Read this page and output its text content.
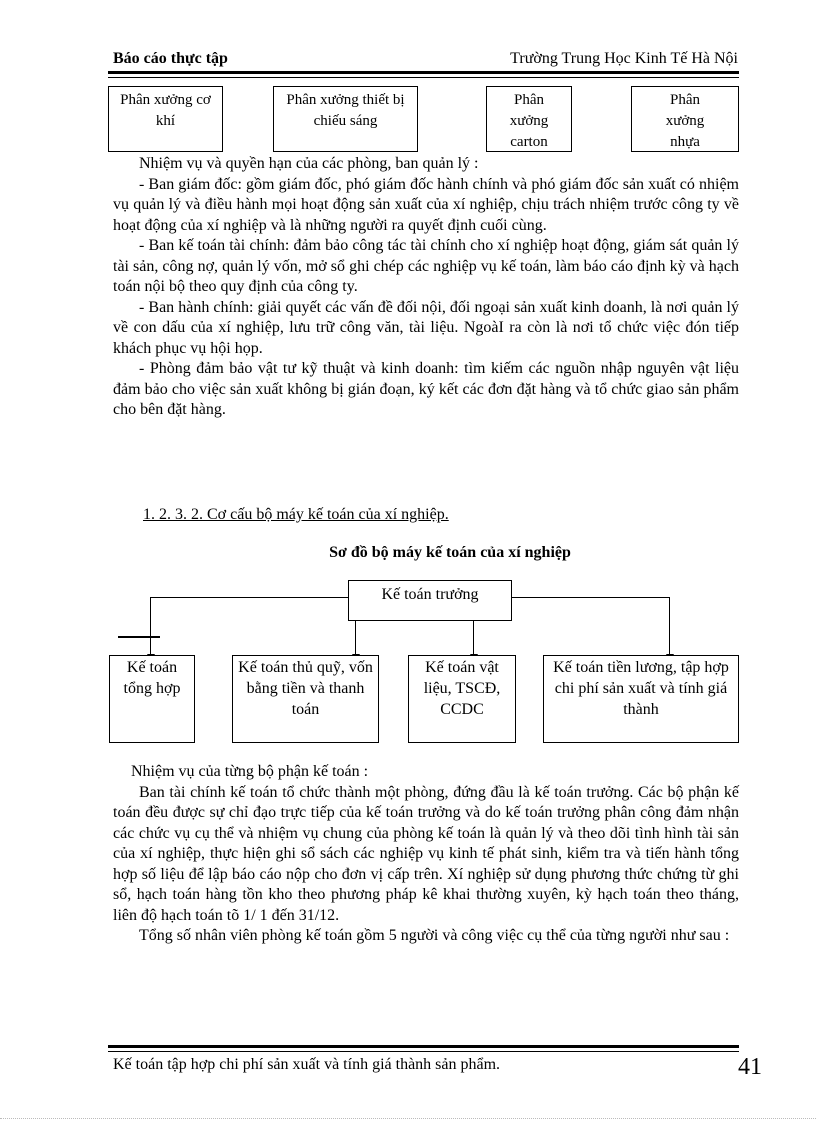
Báo cáo thực tập	Trường Trung Học Kinh Tế Hà Nội
Phân xưởng cơ khí
Phân xưởng thiết bị chiếu sáng
Phân xưởng carton
Phân xưởng nhựa

Nhiệm vụ và quyền hạn của các phòng, ban quản lý :

- Ban giám đốc: gồm giám đốc, phó giám đốc hành chính và phó giám đốc sản xuất có nhiệm vụ quản lý và điều hành mọi hoạt động sản xuất của xí nghiệp, chịu trách nhiệm trước công ty về hoạt động của xí nghiệp và là những người ra quyết định cuối cùng.

- Ban kế toán tài chính: đảm bảo công tác tài chính cho xí nghiệp hoạt động, giám sát quản lý tài sản, công nợ, quản lý vốn, mở sổ ghi chép các nghiệp vụ kế toán, làm báo cáo định kỳ và hạch toán nội bộ theo quy định của công ty.

- Ban hành chính: giải quyết các vấn đề đối nội, đối ngoại sản xuất kinh doanh, là nơi quản lý về con dấu của xí nghiệp, lưu trữ công văn, tài liệu. NgoàI ra còn là nơi tổ chức việc đón tiếp khách phục vụ hội họp.

- Phòng đảm bảo vật tư kỹ thuật và kinh doanh: tìm kiếm các nguồn nhập nguyên vật liệu đảm bảo cho việc sản xuất không bị gián đoạn, ký kết các đơn đặt hàng và tổ chức giao sản phẩm cho bên đặt hàng.

1. 2. 3. 2. Cơ cấu bộ máy kế toán của xí nghiệp.
Sơ đồ bộ máy kế toán của xí nghiệp
Kế toán trưởng
Kế toán tổng hợp
Kế toán thủ quỹ, vốn bằng tiền và thanh toán
Kế toán vật liệu, TSCĐ, CCDC
Kế toán tiền lương, tập hợp chi phí sản xuất và tính giá thành

Nhiệm vụ của từng bộ phận kế toán :

Ban tài chính kế toán tổ chức thành một phòng, đứng đầu là kế toán trưởng. Các bộ phận kế toán đều được sự chỉ đạo trực tiếp của kế toán trưởng và do kế toán trưởng phân công đảm nhận các chức vụ cụ thể và nhiệm vụ chung của phòng kế toán là quản lý và theo dõi tình hình tài sản của xí nghiệp, thực hiện ghi sổ sách các nghiệp vụ kinh tế phát sinh, kiểm tra và tiến hành tổng hợp số liệu để lập báo cáo nộp cho đơn vị cấp trên. Xí nghiệp sử dụng phương thức chứng từ ghi sổ, hạch toán hàng tồn kho theo phương pháp kê khai thường xuyên, kỳ hạch toán theo tháng, liên độ hạch toán tõ 1/ 1 đến 31/12.

Tổng số nhân viên phòng kế toán gồm 5 người và công việc cụ thể của từng người như sau :

Kế toán tập hợp chi phí sản xuất và tính giá thành sản phẩm.	41
